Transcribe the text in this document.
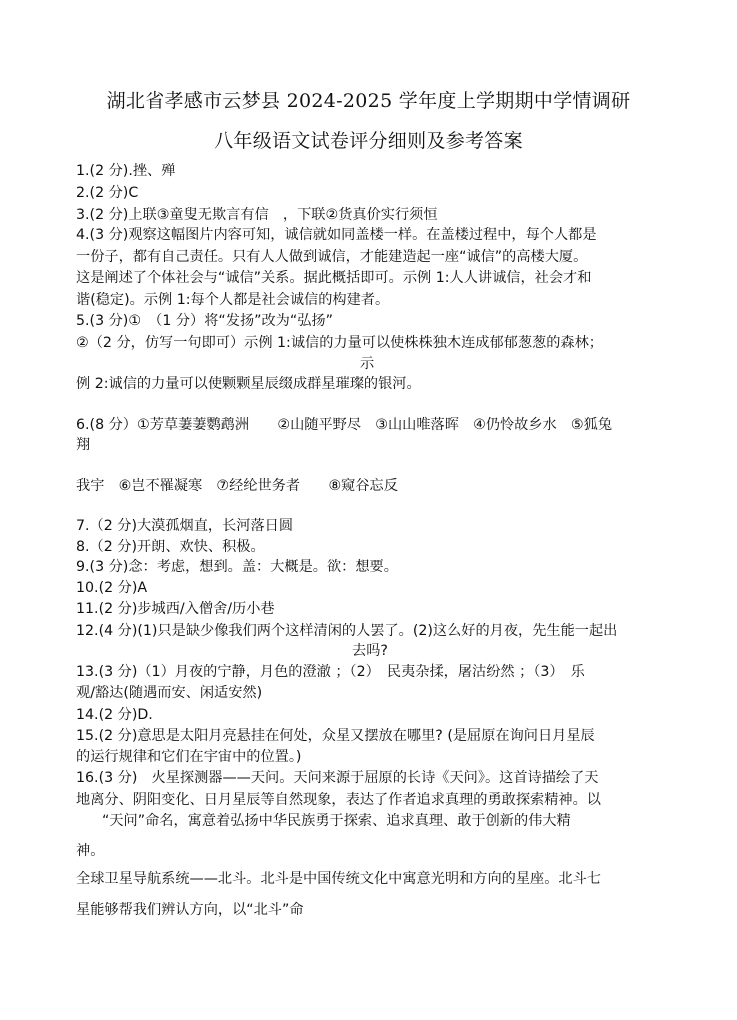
湖北省孝感市云梦县 2024-2025 学年度上学期期中学情调研
八年级语文试卷评分细则及参考答案
1.(2 分).挫、殚
2.(2 分)C
3.(2 分)上联③童叟无欺言有信　，下联②货真价实行须恒
4.(3 分)观察这幅图片内容可知，诚信就如同盖楼一样。在盖楼过程中，每个人都是
一份子，都有自己责任。只有人人做到诚信，才能建造起一座“诚信”的高楼大厦。
这是阐述了个体社会与“诚信”关系。据此概括即可。示例 1:人人讲诚信，社会才和
谐(稳定)。示例 1:每个人都是社会诚信的构建者。
5.(3 分)①　（1 分）将“发扬”改为“弘扬”
②（2 分，仿写一句即可）示例 1:诚信的力量可以使株株独木连成郁郁葱葱的森林；
示
例 2:诚信的力量可以使颗颗星辰缀成群星璀璨的银河。
6.(8 分）①芳草萋萋鹦鹉洲　　②山随平野尽　③山山唯落晖　④仍怜故乡水　⑤狐兔
翔
我宇　⑥岂不罹凝寒　⑦经纶世务者　　⑧窥谷忘反
7.（2 分)大漠孤烟直，长河落日圆
8.（2 分)开朗、欢快、积极。
9.(3 分)念：考虑，想到。盖：大概是。欲：想要。
10.(2 分)A
11.(2 分)步城西/入僧舍/历小巷
12.(4 分)(1)只是缺少像我们两个这样清闲的人罢了。(2)这么好的月夜，先生能一起出
去吗?
13.(3 分)（1）月夜的宁静，月色的澄澈 ；（2）　民夷杂揉，屠沽纷然 ；（3）　乐
观/豁达(随遇而安、闲适安然)
14.(2 分)D.
15.(2 分)意思是太阳月亮悬挂在何处，众星又摆放在哪里? (是屈原在询问日月星辰
的运行规律和它们在宇宙中的位置。)
16.(3 分)　火星探测器——天问。天问来源于屈原的长诗《天问》。这首诗描绘了天
地离分、阴阳变化、日月星辰等自然现象，表达了作者追求真理的勇敢探索精神。以
“天问”命名，寓意着弘扬中华民族勇于探索、追求真理、敢于创新的伟大精
神。
全球卫星导航系统——北斗。北斗是中国传统文化中寓意光明和方向的星座。北斗七
星能够帮我们辨认方向，以“北斗”命
